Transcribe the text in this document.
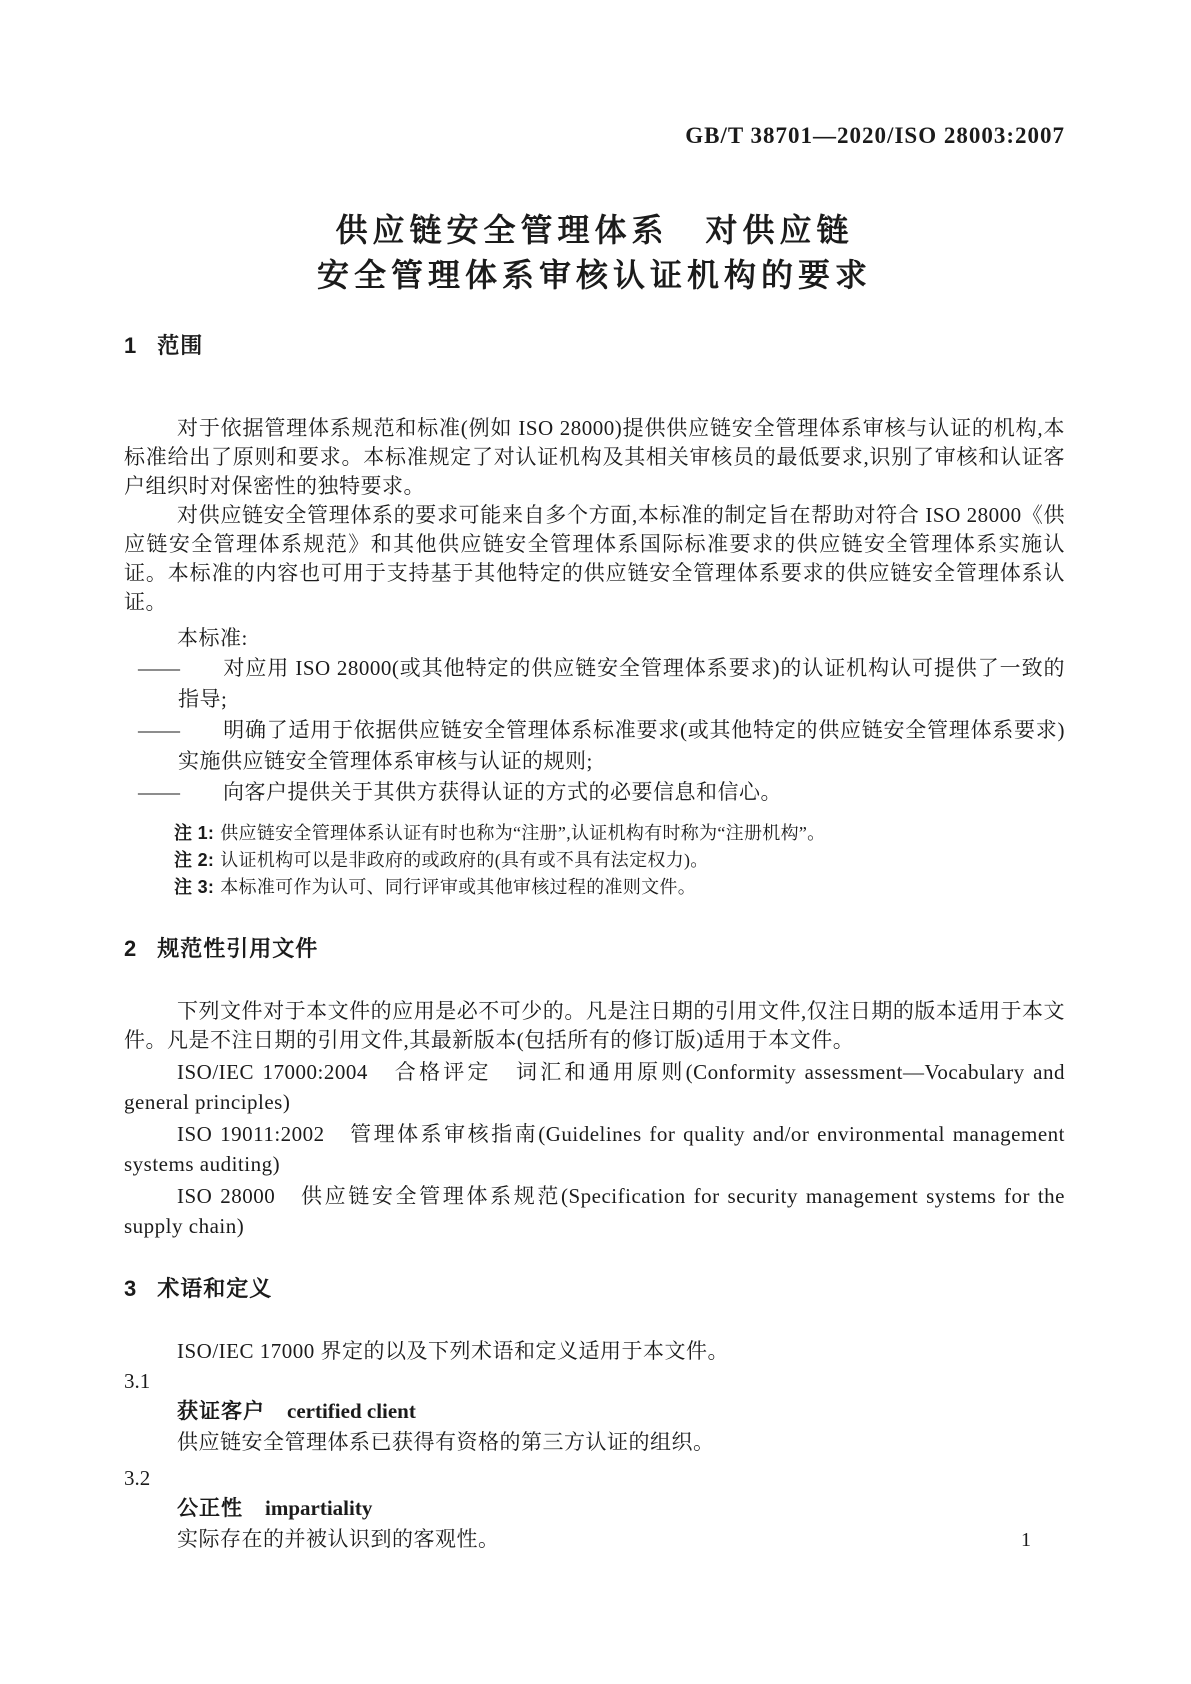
GB/T 38701—2020/ISO 28003:2007
供应链安全管理体系　对供应链
安全管理体系审核认证机构的要求
1 范围

对于依据管理体系规范和标准(例如 ISO 28000)提供供应链安全管理体系审核与认证的机构,本标准给出了原则和要求。本标准规定了对认证机构及其相关审核员的最低要求,识别了审核和认证客户组织时对保密性的独特要求。

对供应链安全管理体系的要求可能来自多个方面,本标准的制定旨在帮助对符合 ISO 28000《供应链安全管理体系规范》和其他供应链安全管理体系国际标准要求的供应链安全管理体系实施认证。本标准的内容也可用于支持基于其他特定的供应链安全管理体系要求的供应链安全管理体系认证。

本标准:

—— 对应用 ISO 28000(或其他特定的供应链安全管理体系要求)的认证机构认可提供了一致的指导;

—— 明确了适用于依据供应链安全管理体系标准要求(或其他特定的供应链安全管理体系要求)实施供应链安全管理体系审核与认证的规则;

—— 向客户提供关于其供方获得认证的方式的必要信息和信心。

注 1: 供应链安全管理体系认证有时也称为“注册”,认证机构有时称为“注册机构”。

注 2: 认证机构可以是非政府的或政府的(具有或不具有法定权力)。

注 3: 本标准可作为认可、同行评审或其他审核过程的准则文件。

2 规范性引用文件

下列文件对于本文件的应用是必不可少的。凡是注日期的引用文件,仅注日期的版本适用于本文件。凡是不注日期的引用文件,其最新版本(包括所有的修订版)适用于本文件。

ISO/IEC 17000:2004　合格评定　词汇和通用原则(Conformity assessment—Vocabulary and general principles)

ISO 19011:2002　管理体系审核指南(Guidelines for quality and/or environmental management systems auditing)

ISO 28000　供应链安全管理体系规范(Specification for security management systems for the supply chain)

3 术语和定义

ISO/IEC 17000 界定的以及下列术语和定义适用于本文件。

3.1

获证客户 certified client

供应链安全管理体系已获得有资格的第三方认证的组织。

3.2

公正性 impartiality

实际存在的并被认识到的客观性。	1
